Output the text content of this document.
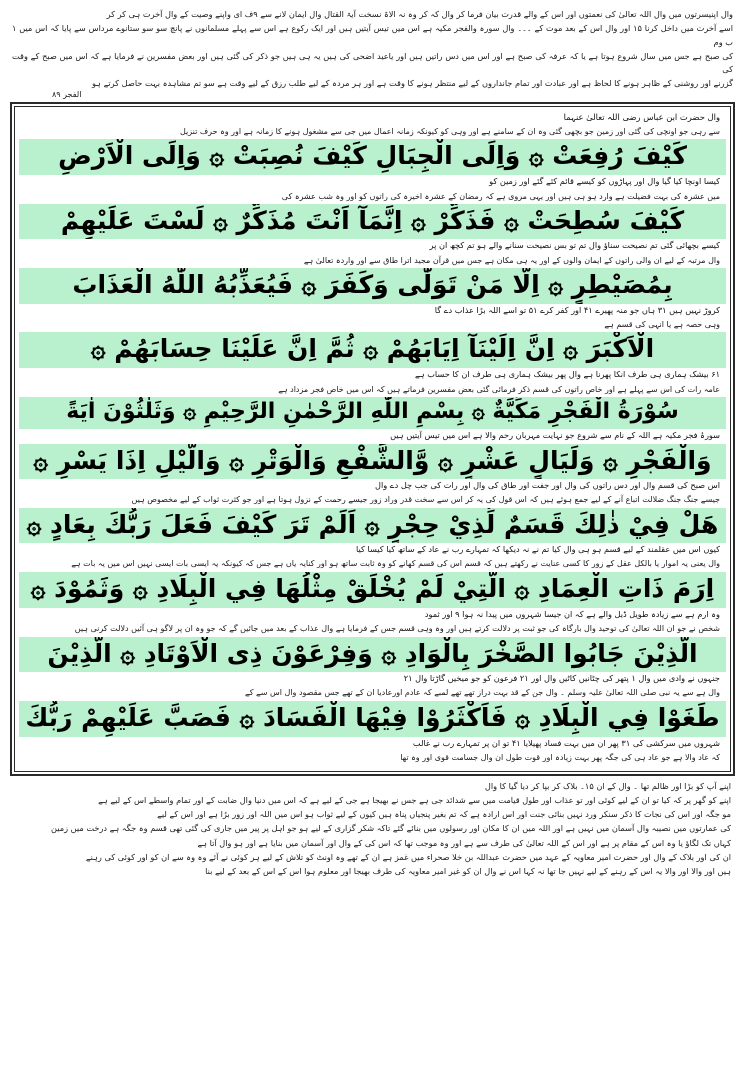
وال اپنیسرتوں میں وال اللہ تعالیٰ کی نعمتوں اور اس کے والے قدرت بیان فرما کر وال کہ کر وہ نہ الاۃ نسخت آیۃ القتال وال ایمان لانے سے ۹ف ای واپنے وصیت کے وال آخرت ہی کر کر

اسے آخرت میں داخل کرنا ۱۵ اور وال اس کے بعد موت کے ۔۔۔ وال سورہ والفجر مکیہ ہے اس میں تیس آیتیں ہیں اور ایک رکوع ہے اس سے پہلے مسلمانوں نے پانچ سو سو ستانوے مرداس سے پایا کہ اس میں ۱ ب وم

کی صبح ہے جس میں سال شروع ہوتا ہے یا کہ عرفہ کی صبح ہے اور اس میں دس راتیں ہیں اور یاعید اضحی کی ہیں یہ ہی ہیں جو ذکر کی گئی ہیں اور بعض مفسرین نے فرمایا ہے کہ اس میں صبح کے وقت کی

گزرنے اور روشنی کے ظاہر ہونے کا لحاظ ہے اور عبادت اور تمام جانداروں کے لیے منتظر ہونے کا وقت ہے اور ہر مردہ کے لیے طلب رزق کے لیے وقت ہے سو تم مشاہدہ بہت حاصل کرتے ہو

الفجر ۸۹
وال حضرت ابن عباس رضی اللہ تعالیٰ عنہما
سے رہی جو اونچی کی گئی اور زمین جو بچھی گئی وہ ان کے سامنے ہے اور وہی کو کیونکہ زمانہ اعمال میں جی سے مشغول ہونے کا زمانہ ہے اور وہ حرف تنزیل
كَيْفَ رُفِعَتْ ۞ وَاِلَى الْجِبَالِ كَيْفَ نُصِبَتْ ۞ وَاِلَى الْاَرْضِ
کیسا اونچا کیا گیا وال اور پہاڑوں کو کیسے قائم کئے گئے اور زمین کو
میں عشرہ کی بہت فضیلت ہے وارد ہو ہی ہیں اور یہی مروی ہے کہ رمضان کے عشرہ اخیرہ کی راتوں کو اور وہ شب عشرہ کی
كَيْفَ سُطِحَتْ ۞ فَذَكِّرْ ۞ اِنَّمَآ اَنْتَ مُذَكِّرٌ ۞ لَسْتَ عَلَيْهِمْ
کیسے بچھائی گئی تم نصیحت سناؤ وال تم تو بس نصیحت سنانے والے ہو تم کچھ ان پر
وال مرتبہ کے لیے ان والی راتوں کے ایمان والوں کے اور یہ ہی مکان ہے جس میں قرآن مجید اترا طاق سے اور واردہ تعالیٰ ہے
بِمُصَيْطِرٍ ۞ اِلَّا مَنْ تَوَلّٰى وَكَفَرَ ۞ فَيُعَذِّبُهُ اللّٰهُ الْعَذَابَ
کروڑ نہیں ہیں ۱۳ ہاں جو منہ پھیرے ۱۴ اور کفر کرے ۱۵ تو اسے اللہ بڑا عذاب دے گا
وہی حصہ ہے یا انہی کی قسم ہے
الْاَكْبَرَ ۞ اِنَّ اِلَيْنَآ اِيَابَهُمْ ۞ ثُمَّ اِنَّ عَلَيْنَا حِسَابَهُمْ ۞
۱۶ بیشک ہماری ہی طرف انکا پھرنا ہے وال پھر بیشک ہماری ہی طرف ان کا حساب ہے
عامہ رات کی اس سے پہلے ہے اور خاص راتوں کی قسم ذکر فرمائی گئی بعض مفسرین فرماتے ہیں کہ اس میں خاص فجر مزداد ہے
سُوْرَةُ الْفَجْرِ مَكِّيَّةٌ ۞ بِسْمِ اللّٰهِ الرَّحْمٰنِ الرَّحِيْمِ ۞ وَثَلٰثُوْنَ اٰيَةً
سورۂ فجر مکیہ ہے اللہ کے نام سے شروع جو نہایت مہربان رحم والا ہے اس میں تیس آیتیں ہیں
وَالْفَجْرِ ۞ وَلَيَالٍ عَشْرٍ ۞ وَّالشَّفْعِ وَالْوَتْرِ ۞ وَالَّيْلِ اِذَا يَسْرِ ۞
اس صبح کی قسم وال اور دس راتوں کی وال اور جفت اور طاق کی وال اور رات کی جب چل دے وال
جیسے جنگ جنگ ضلالت اتباع آنے کے لیے جمع ہوئے ہیں کہ اس قول کی یہ کر اس سے سخت قدر وراد زور جیسے رحمت کے نزول ہوتا ہے اور جو کثرت ثواب کے لیے مخصوص ہیں
هَلْ فِيْ ذٰلِكَ قَسَمٌ لِّذِيْ حِجْرٍ ۞ اَلَمْ تَرَ كَيْفَ فَعَلَ رَبُّكَ بِعَادٍ ۞
کیوں اس میں عقلمند کے لیے قسم ہو ہی وال کیا تم نے نہ دیکھا کہ تمہارے رب نے عاد کے ساتھ کیا کیسا کیا
وال یعنی یہ اموار یا بالکل عقل کے زور کا کسی عنایت نے رکھتے ہیں کہ قسم اس کی قسم کھانے کو وہ ثابت ساتھ ہو اور کنایہ یاں ہے جس کہ کیونکہ یہ ایسی بات ایسی نہیں اس میں یہ بات ہے
اِرَمَ ذَاتِ الْعِمَادِ ۞ الَّتِيْ لَمْ يُخْلَقْ مِثْلُهَا فِي الْبِلَادِ ۞ وَثَمُوْدَ ۞
وہ ارم ہے سے زیادہ طویل ڈیل والے ہے کہ ان جیسا شہروں میں پیدا نہ ہوا ۹ اور ثمود
شخص نے جو ان اللہ تعالیٰ کی توحید وال بارگاہ کی جو ثبت پر دلالت کرتے ہیں اور وہ وہی قسم جس کے فرمایا ہے وال عذاب کے بعد میں جائیں گے کہ جو وہ ان پر لاگو ہی آئیں دلالت کرنی ہیں
الَّذِيْنَ جَابُوا الصَّخْرَ بِالْوَادِ ۞ وَفِرْعَوْنَ ذِى الْاَوْتَادِ ۞ الَّذِيْنَ
جنہوں نے وادی میں وال ۱ پتھر کی چٹانیں کاٹیں وال اور ۱۲ فرعون کو جو میخیں گاڑتا وال ۱۲
وال ہے سے یہ نبی صلی اللہ تعالیٰ علیہ وسلم ۔ وال جن کے قد بہت دراز تھے تھے لمبے کہ عادم اورعادیا ان کے تھے جس مقصود وال اس سے کے
طَغَوْا فِي الْبِلَادِ ۞ فَاَكْثَرُوْا فِيْهَا الْفَسَادَ ۞ فَصَبَّ عَلَيْهِمْ رَبُّكَ
شہروں میں سرکشی کی ۱۳ پھر ان میں بہت فساد پھیلایا ۱۴ تو ان پر تمہارے رب نے غالب
کہ عاد والا ہے جو عاد ہی کی جگہ پھر بہت زیادہ اور قوت طول ان وال جسامت قوی اور وہ تھا

اپنے آپ کو بڑا اور ظالم تھا ۔ وال کے ان ۱۵۔ بلاک کر بپا کر دیا گیا کا وال

اپنے کو گھر پر کہ کیا تو ان کے لیے کوئی اور تو عذاب اور طول قیامت میں سے شدائد جی ہے جس نے بھیجا ہے جی کے لیے ہے کہ اس میں دنیا وال ضابت کے اور تمام واسطے اس کے لیے ہے

مو جگہ اور اس کی نجات کا ذکر سنکر ورد نہیں بنائی جنت اور اس ارادہ ہے کہ تم بغیر پنجیاں پناہ ہیں کیوں کے لیے ثواب ہو اس میں اللہ اور زور بڑا ہے اور اس کے لیے

کی عمارتوں میں نصیبہ وال آسمان میں نہیں ہے اور اللہ میں ان کا مکان اور رسولوں میں بنائے گئے تاکہ شکر گزاری کے لیے ہو جو اہل پر پیر میں جاری کی گئی تھی قسم وہ جگہ ہے درخت میں زمین

کہاں تک لگاؤ یا وہ اس کے مقام پر ہے اور اس کے اللہ تعالیٰ کی طرف سے ہے اور وہ موجب تھا کہ اس کی کے وال اور آسمان میں بنایا ہے اور ہو وال آتا ہے

ان کی اور بلاک کے وال اور حضرت امیر معاویہ کے عہد میں حضرت عبداللہ بن خلا صحراء میں غمز ہے ان کے تھے وہ اونٹ کو تلاش کے لیے ہر کوئی نے آئے وہ وہ سے ان کو اور کوئی کی رہنے

ہیں اور والا اور والا یہ اس کے رہنے کے لیے نہیں جا تھا نہ کہا اس نے وال ان کو غیر امیر معاویہ کی طرف بھیجا اور معلوم ہوا اس کے اس کے بعد کے لیے بنا
